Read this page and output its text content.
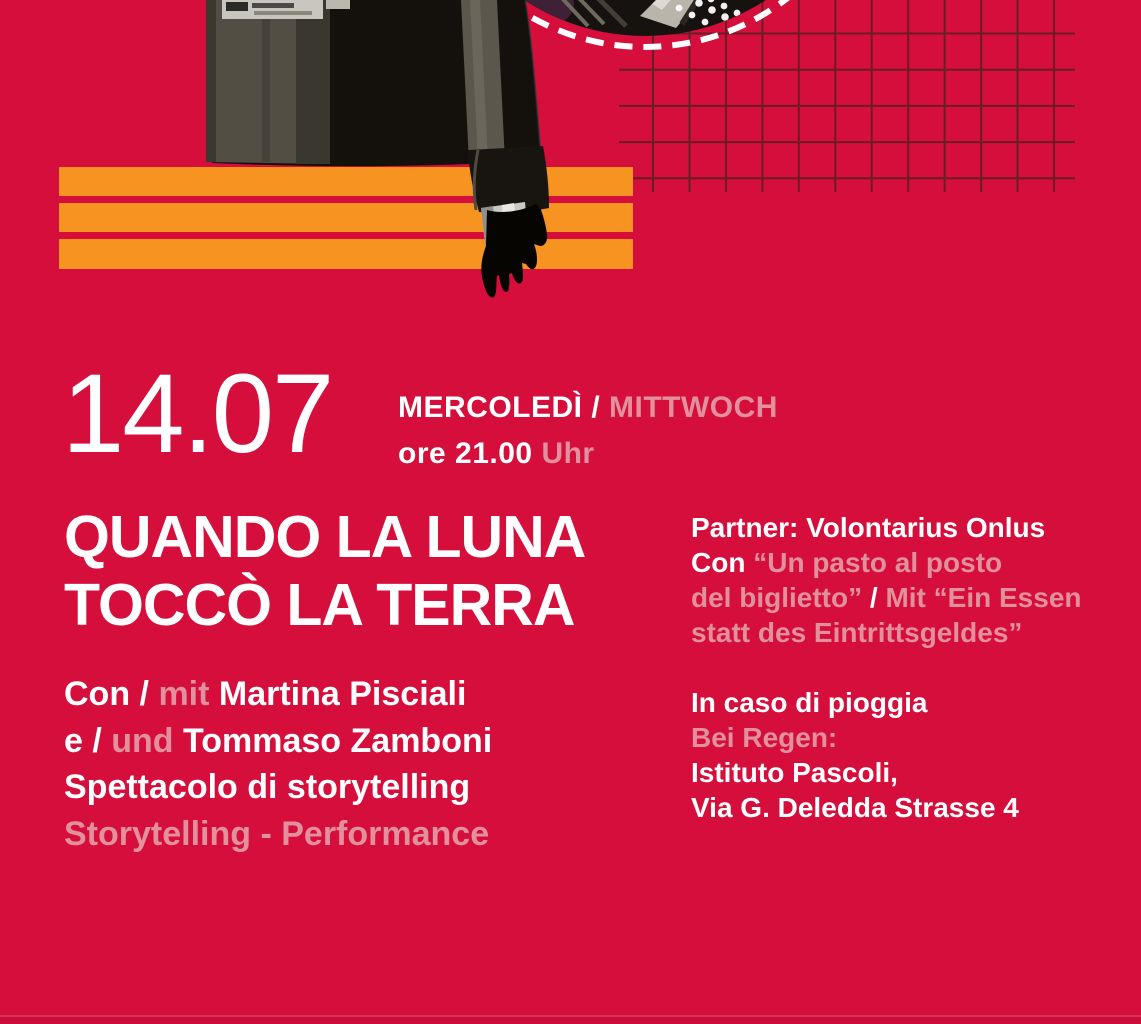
14.07 MERCOLEDÌ / MITTWOCH
ore 21.00 Uhr
QUANDO LA LUNA
TOCCÒ LA TERRA
Con / mit Martina Pisciali
e / und Tommaso Zamboni
Spettacolo di storytelling
Storytelling - Performance
Partner: Volontarius Onlus
Con “Un pasto al posto
del biglietto” / Mit “Ein Essen
statt des Eintrittsgeldes”
In caso di pioggia
Bei Regen:
Istituto Pascoli,
Via G. Deledda Strasse 4
